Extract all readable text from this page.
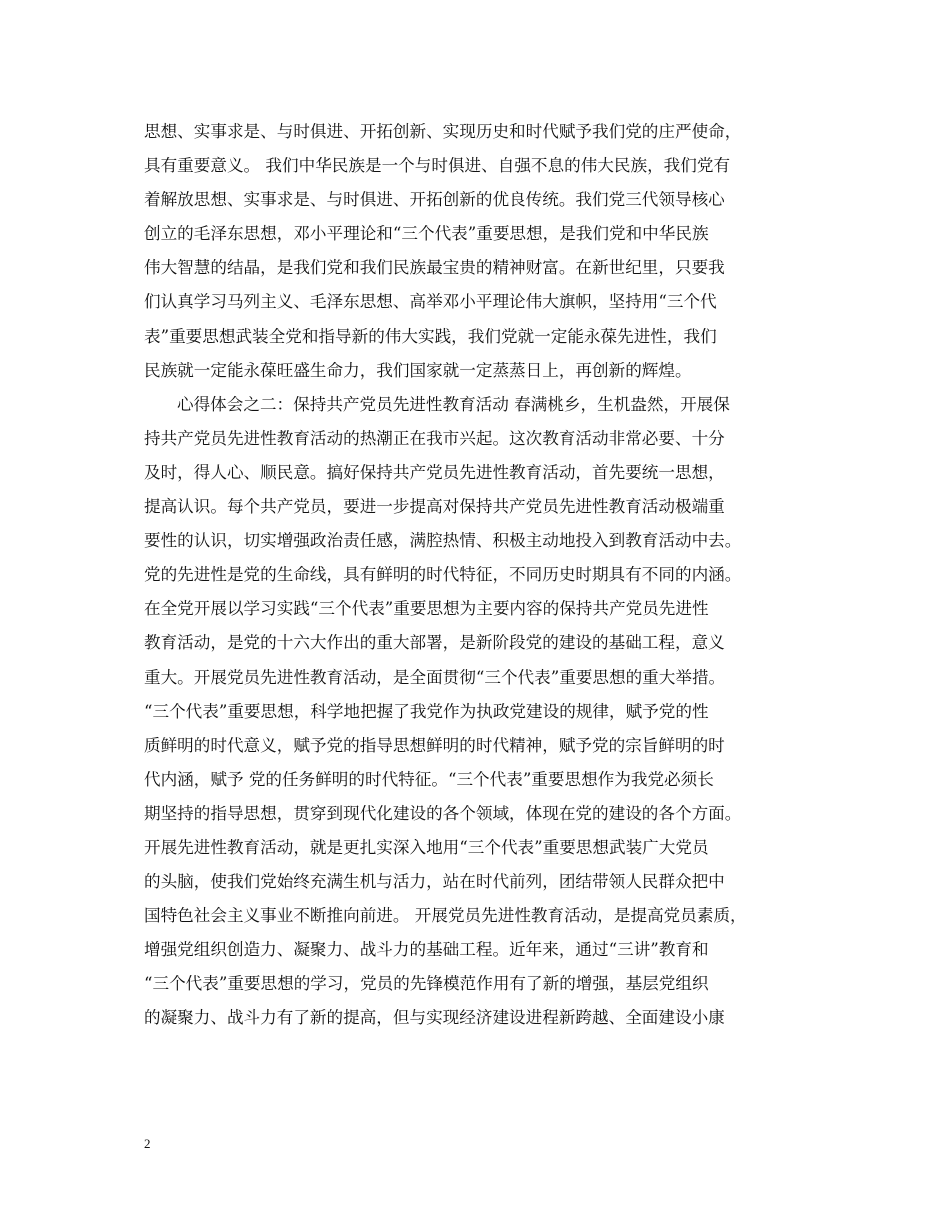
思想、实事求是、与时俱进、开拓创新、实现历史和时代赋予我们党的庄严使命，
具有重要意义。 我们中华民族是一个与时俱进、自强不息的伟大民族，我们党有
着解放思想、实事求是、与时俱进、开拓创新的优良传统。我们党三代领导核心
创立的毛泽东思想，邓小平理论和“三个代表”重要思想，是我们党和中华民族
伟大智慧的结晶，是我们党和我们民族最宝贵的精神财富。在新世纪里，只要我
们认真学习马列主义、毛泽东思想、高举邓小平理论伟大旗帜，坚持用“三个代
表”重要思想武装全党和指导新的伟大实践，我们党就一定能永葆先进性，我们
民族就一定能永葆旺盛生命力，我们国家就一定蒸蒸日上，再创新的辉煌。
心得体会之二：保持共产党员先进性教育活动 春满桃乡，生机盎然，开展保
持共产党员先进性教育活动的热潮正在我市兴起。这次教育活动非常必要、十分
及时，得人心、顺民意。搞好保持共产党员先进性教育活动，首先要统一思想，
提高认识。每个共产党员，要进一步提高对保持共产党员先进性教育活动极端重
要性的认识，切实增强政治责任感，满腔热情、积极主动地投入到教育活动中去。
党的先进性是党的生命线，具有鲜明的时代特征，不同历史时期具有不同的内涵。
在全党开展以学习实践“三个代表”重要思想为主要内容的保持共产党员先进性
教育活动，是党的十六大作出的重大部署，是新阶段党的建设的基础工程，意义
重大。开展党员先进性教育活动，是全面贯彻“三个代表”重要思想的重大举措。
“三个代表”重要思想，科学地把握了我党作为执政党建设的规律，赋予党的性
质鲜明的时代意义，赋予党的指导思想鲜明的时代精神，赋予党的宗旨鲜明的时
代内涵，赋予 党的任务鲜明的时代特征。“三个代表”重要思想作为我党必须长
期坚持的指导思想，贯穿到现代化建设的各个领域，体现在党的建设的各个方面。
开展先进性教育活动，就是更扎实深入地用“三个代表”重要思想武装广大党员
的头脑，使我们党始终充满生机与活力，站在时代前列，团结带领人民群众把中
国特色社会主义事业不断推向前进。 开展党员先进性教育活动，是提高党员素质，
增强党组织创造力、凝聚力、战斗力的基础工程。近年来，通过“三讲”教育和
“三个代表”重要思想的学习，党员的先锋模范作用有了新的增强，基层党组织
的凝聚力、战斗力有了新的提高，但与实现经济建设进程新跨越、全面建设小康
2
